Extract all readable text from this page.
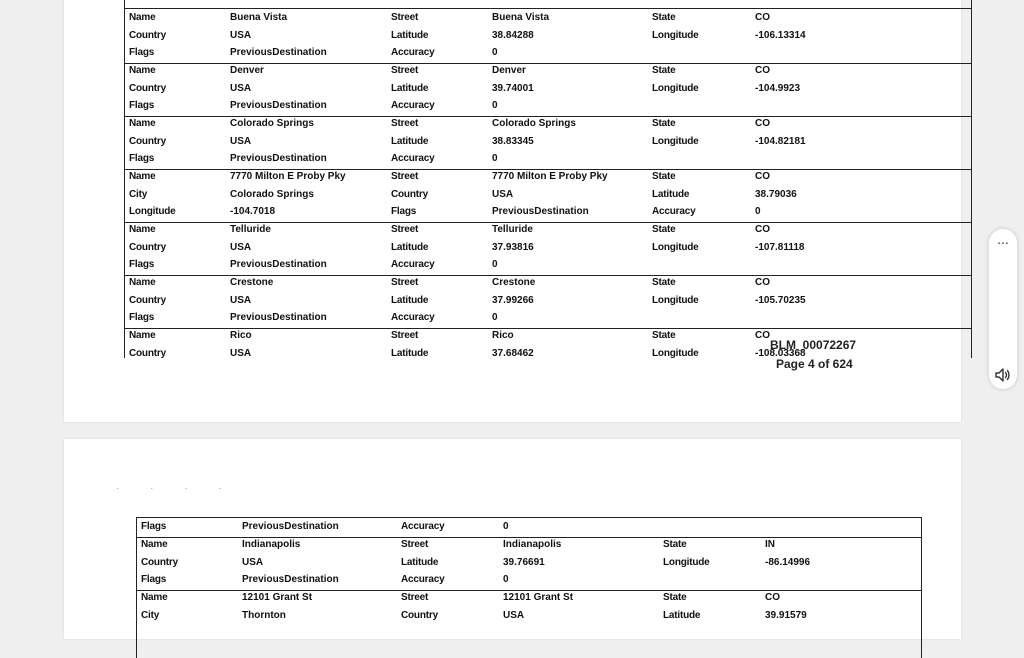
Name	Buena Vista	Street	Buena Vista	State	CO
Country	USA	Latitude	38.84288	Longitude	-106.13314
Flags	PreviousDestination	Accuracy	0
Name	Denver	Street	Denver	State	CO
Country	USA	Latitude	39.74001	Longitude	-104.9923
Flags	PreviousDestination	Accuracy	0
Name	Colorado Springs	Street	Colorado Springs	State	CO
Country	USA	Latitude	38.83345	Longitude	-104.82181
Flags	PreviousDestination	Accuracy	0
Name	7770 Milton E Proby Pky	Street	7770 Milton E Proby Pky	State	CO
City	Colorado Springs	Country	USA	Latitude	38.79036
Longitude	-104.7018	Flags	PreviousDestination	Accuracy	0
Name	Telluride	Street	Telluride	State	CO
Country	USA	Latitude	37.93816	Longitude	-107.81118
Flags	PreviousDestination	Accuracy	0
Name	Crestone	Street	Crestone	State	CO
Country	USA	Latitude	37.99266	Longitude	-105.70235
Flags	PreviousDestination	Accuracy	0
Name	Rico	Street	Rico	State	CO
Country	USA	Latitude	37.68462	Longitude	-108.03368
BLM_00072267
Page 4 of 624
· · · ·
Flags	PreviousDestination	Accuracy	0
Name	Indianapolis	Street	Indianapolis	State	IN
Country	USA	Latitude	39.76691	Longitude	-86.14996
Flags	PreviousDestination	Accuracy	0
Name	12101 Grant St	Street	12101 Grant St	State	CO
City	Thornton	Country	USA	Latitude	39.91579
...
